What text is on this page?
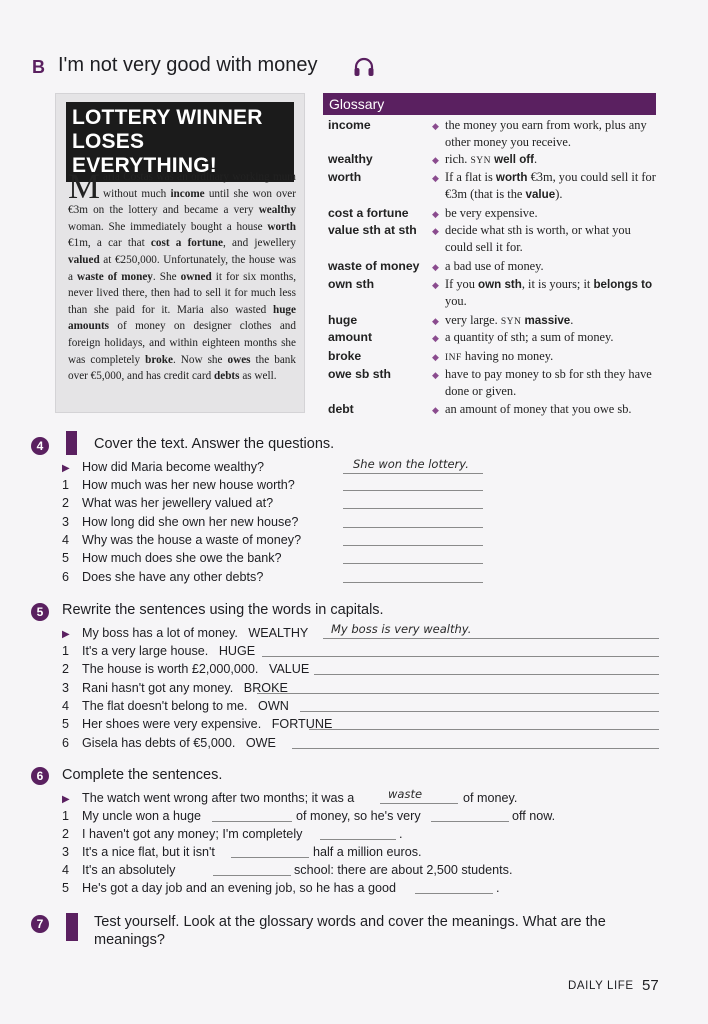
B I'm not very good with money
LOTTERY WINNER
LOSES EVERYTHING!
Maria Costas was an ordinary working mum without much income until she won over €3m on the lottery and became a very wealthy woman. She immediately bought a house worth €1m, a car that cost a fortune, and jewellery valued at €250,000. Unfortunately, the house was a waste of money. She owned it for six months, never lived there, then had to sell it for much less than she paid for it. Maria also wasted huge amounts of money on designer clothes and foreign holidays, and within eighteen months she was completely broke. Now she owes the bank over €5,000, and has credit card debts as well.
Glossary
income	◆ the money you earn from work, plus any other money you receive.
wealthy	◆ rich. SYN well off.
worth	◆ If a flat is worth €3m, you could sell it for €3m (that is the value).
cost a fortune	◆ be very expensive.
value sth at sth ◆ decide what sth is worth, or what you could sell it for.
waste of money ◆ a bad use of money.
own sth	◆ If you own sth, it is yours; it belongs to you.
huge	◆ very large. SYN massive.
amount	◆ a quantity of sth; a sum of money.
broke	◆ INF having no money.
owe sb sth	◆ have to pay money to sb for sth they have done or given.
debt	◆ an amount of money that you owe sb.
4	Cover the text. Answer the questions.
▶ How did Maria become wealthy?	She won the lottery.
1 How much was her new house worth?
2 What was her jewellery valued at?
3 How long did she own her new house?
4 Why was the house a waste of money?
5 How much does she owe the bank?
6 Does she have any other debts?
5	Rewrite the sentences using the words in capitals.
▶ My boss has a lot of money. WEALTHY My boss is very wealthy.
1 It's a very large house. HUGE
2 The house is worth £2,000,000. VALUE
3 Rani hasn't got any money. BROKE
4 The flat doesn't belong to me. OWN
5 Her shoes were very expensive. FORTUNE
6 Gisela has debts of €5,000. OWE
6	Complete the sentences.
▶ The watch went wrong after two months; it was a	waste	of money.
1 My uncle won a huge	of money, so he's very	off now.
2 I haven't got any money; I'm completely	.
3 It's a nice flat, but it isn't	half a million euros.
4 It's an absolutely	school: there are about 2,500 students.
5 He's got a day job and an evening job, so he has a good	.
7	Test yourself. Look at the glossary words and cover the meanings. What are the
meanings?
DAILY LIFE 57
